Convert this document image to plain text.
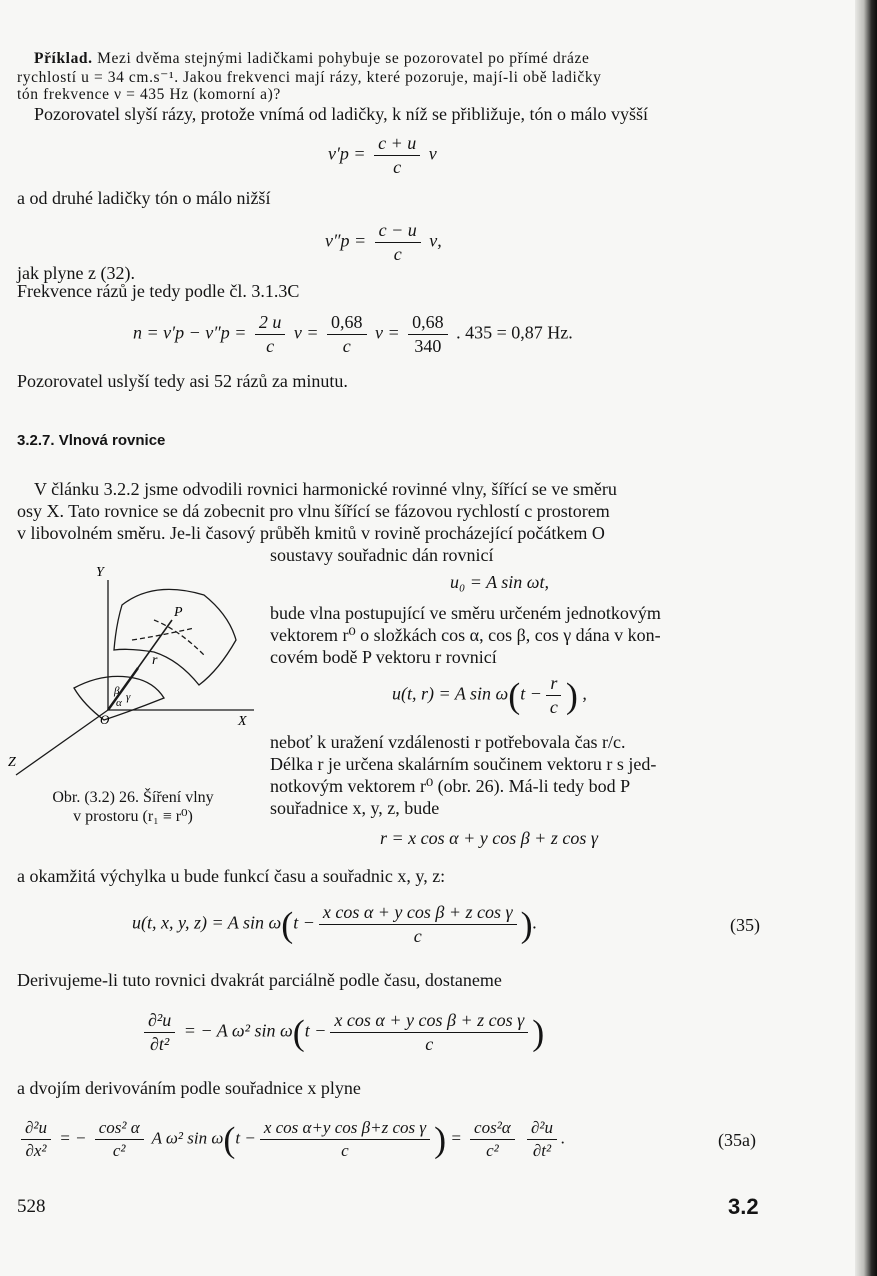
Příklad. Mezi dvěma stejnými ladičkami pohybuje se pozorovatel po přímé dráze
rychlostí u = 34 cm.s⁻¹. Jakou frekvenci mají rázy, které pozoruje, mají-li obě ladičky
tón frekvence ν = 435 Hz (komorní a)?
Pozorovatel slyší rázy, protože vnímá od ladičky, k níž se přibližuje, tón o málo vyšší
$\nu'p = \frac{c + u}{c}$ ν
a od druhé ladičky tón o málo nižší
$\nu''p = \frac{c - u}{c} \nu$,
jak plyne z (32).
Frekvence rázů je tedy podle čl. 3.1.3C
$n = \nu'p - \nu''p = \frac{2 u}{c}$ $\nu = \frac{0,68}{c}$ $\nu = \frac{0,68}{340}$ . 435 = 0,87 Hz.
Pozorovatel uslyší tedy asi 52 rázů za minutu.
3.2.7. Vlnová rovnice
V článku 3.2.2 jsme odvodili rovnici harmonické rovinné vlny, šířící se ve směru
osy X. Tato rovnice se dá zobecnit pro vlnu šířící se fázovou rychlostí c prostorem
v libovolném směru. Je-li časový průběh kmitů v rovině procházející počátkem O
soustavy souřadnic dán rovnicí
u₀ = A sin ωt,
bude vlna postupující ve směru určeném jednotkovým
vektorem r⁰ o složkách cos α, cos β, cos γ dána v kon-
covém bodě P vektoru r rovnicí
u(t, r) = A $\sin \omega(t - \frac{r}{c}$ ) ,
neboť k uražení vzdálenosti r potřebovala čas r/c.
Délka r je určena skalárním součinem vektoru r s jed-
notkovým vektorem r⁰ (obr. 26). Má-li tedy bod P
souřadnice x, y, z, bude
r = x cos α + y cos β + z cos γ
Y
X
Z
O
P
r
α
β γ
Obr. (3.2) 26. Šíření vlny
v prostoru (r₁ ≡ r⁰)
a okamžitá výchylka u bude funkcí času a souřadnic x, y, z:
u(t, x, y, z) = A $\sin \omega(t - \frac{\text{x cos α + y cos β + z cos γ}}{c}$ ).	(35)
Derivujeme-li tuto rovnici dvakrát parciálně podle času, dostaneme
$\frac{\text{∂²u}}{\text{∂t²}}$ = − A ω² $\sin \omega(t - \frac{\text{x cos α + y cos β + z cos γ}}{c}$ )
a dvojím derivováním podle souřadnice x plyne
$\frac{\text{∂²u}}{\text{∂x²}}$ = − $\frac{\text{cos² α}}{\text{c²}}$ A ω² $\sin \omega(t - \frac{\text{x cos α+y cos β+z cos γ}}{c}$ ) = $\frac{\text{cos²α}}{\text{c²}}$
$\frac{\text{∂²u}}{\text{∂t²}}$ .	(35a)
528	3.2
